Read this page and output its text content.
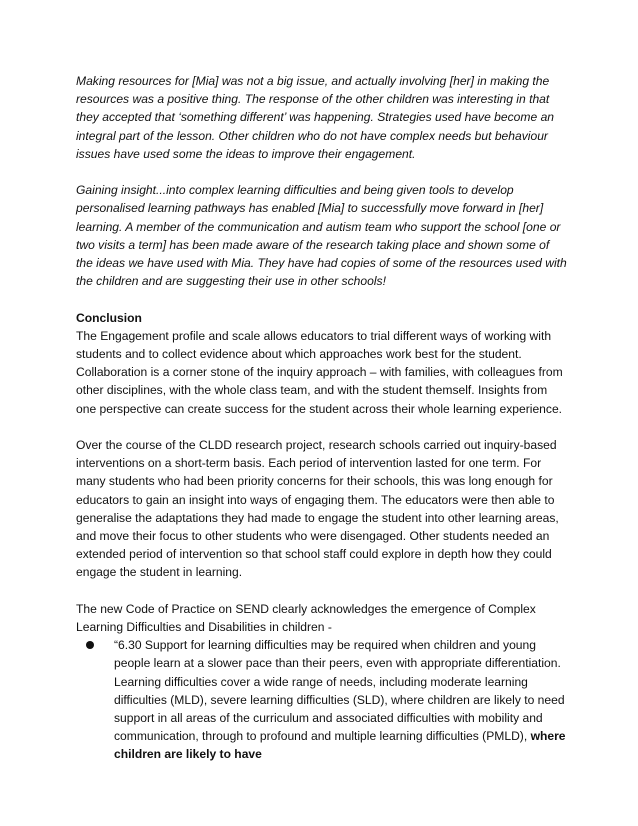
Making resources for [Mia] was not a big issue, and actually involving [her] in making the resources was a positive thing. The response of the other children was interesting in that they accepted that ‘something different’ was happening. Strategies used have become an integral part of the lesson. Other children who do not have complex needs but behaviour issues have used some the ideas to improve their engagement.

Gaining insight...into complex learning difficulties and being given tools to develop personalised learning pathways has enabled [Mia] to successfully move forward in [her] learning. A member of the communication and autism team who support the school [one or two visits a term] has been made aware of the research taking place and shown some of the ideas we have used with Mia. They have had copies of some of the resources used with the children and are suggesting their use in other schools!

Conclusion

The Engagement profile and scale allows educators to trial different ways of working with students and to collect evidence about which approaches work best for the student. Collaboration is a corner stone of the inquiry approach – with families, with colleagues from other disciplines, with the whole class team, and with the student themself. Insights from one perspective can create success for the student across their whole learning experience.

Over the course of the CLDD research project, research schools carried out inquiry-based interventions on a short-term basis. Each period of intervention lasted for one term. For many students who had been priority concerns for their schools, this was long enough for educators to gain an insight into ways of engaging them. The educators were then able to generalise the adaptations they had made to engage the student into other learning areas, and move their focus to other students who were disengaged. Other students needed an extended period of intervention so that school staff could explore in depth how they could engage the student in learning.

The new Code of Practice on SEND clearly acknowledges the emergence of Complex Learning Difficulties and Disabilities in children -

“6.30 Support for learning difficulties may be required when children and young people learn at a slower pace than their peers, even with appropriate differentiation. Learning difficulties cover a wide range of needs, including moderate learning difficulties (MLD), severe learning difficulties (SLD), where children are likely to need support in all areas of the curriculum and associated difficulties with mobility and communication, through to profound and multiple learning difficulties (PMLD), where children are likely to have
